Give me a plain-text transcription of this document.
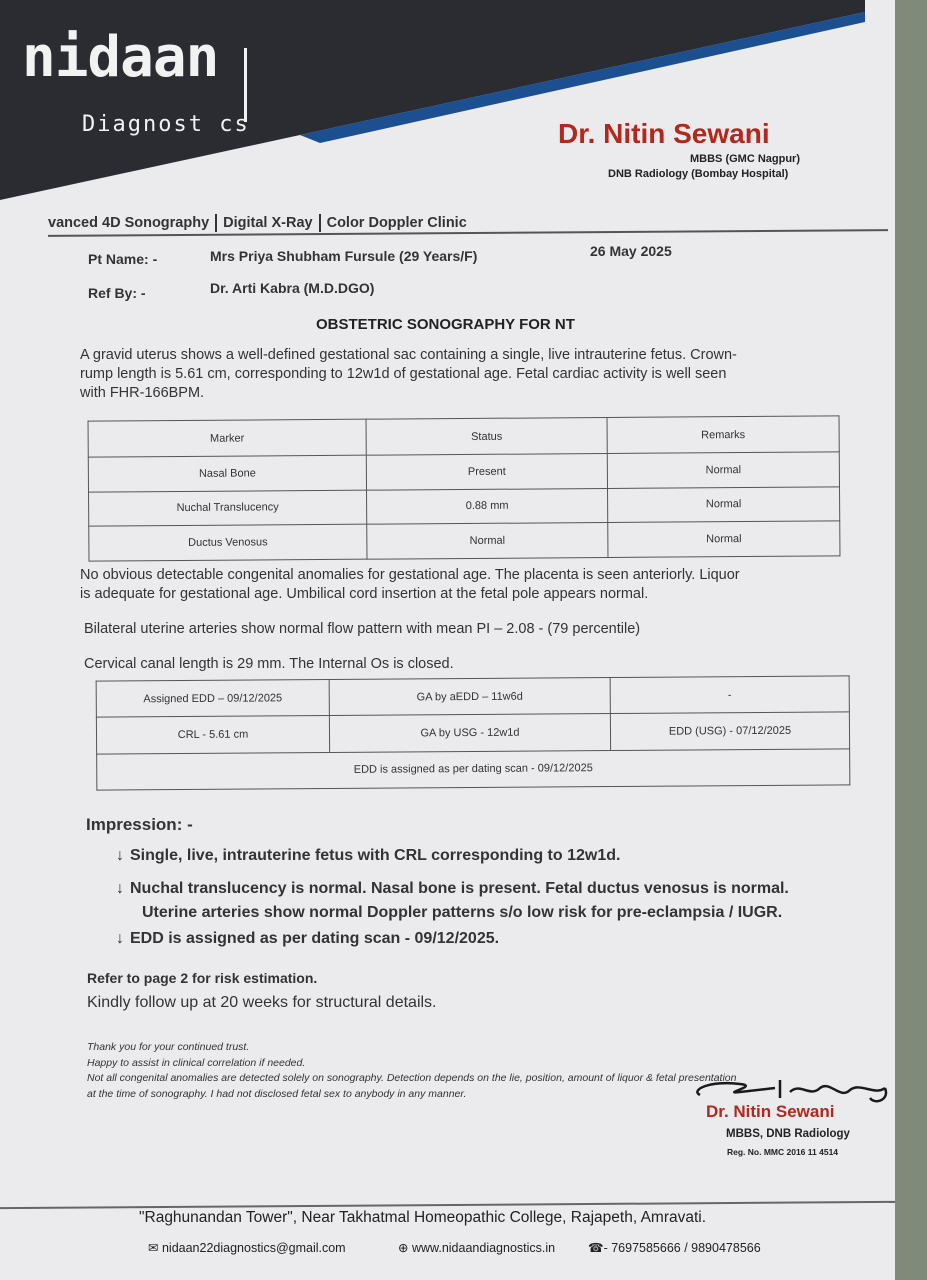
nidaan
Diagnost cs	Dr. Nitin Sewani
MBBS (GMC Nagpur)
DNB Radiology (Bombay Hospital)
vanced 4D Sonography Digital X-Ray Color Doppler Clinic
Pt Name: -	Mrs Priya Shubham Fursule (29 Years/F)	26 May 2025
Ref By: -	Dr. Arti Kabra (M.D.DGO)
OBSTETRIC SONOGRAPHY FOR NT
A gravid uterus shows a well-defined gestational sac containing a single, live intrauterine fetus. Crown-
rump length is 5.61 cm, corresponding to 12w1d of gestational age. Fetal cardiac activity is well seen
with FHR-166BPM.
Marker	Status	Remarks
Nasal Bone	Present	Normal
Nuchal Translucency	0.88 mm	Normal
Ductus Venosus	Normal	Normal
No obvious detectable congenital anomalies for gestational age. The placenta is seen anteriorly. Liquor
is adequate for gestational age. Umbilical cord insertion at the fetal pole appears normal.
Bilateral uterine arteries show normal flow pattern with mean PI – 2.08 - (79 percentile)
Cervical canal length is 29 mm. The Internal Os is closed.
Assigned EDD – 09/12/2025	GA by aEDD – 11w6d	-
CRL - 5.61 cm	GA by USG - 12w1d	EDD (USG) - 07/12/2025
EDD is assigned as per dating scan - 09/12/2025		
Impression: -
↓ Single, live, intrauterine fetus with CRL corresponding to 12w1d.
↓ Nuchal translucency is normal. Nasal bone is present. Fetal ductus venosus is normal.
Uterine arteries show normal Doppler patterns s/o low risk for pre-eclampsia / IUGR.
↓ EDD is assigned as per dating scan - 09/12/2025.
Refer to page 2 for risk estimation.
Kindly follow up at 20 weeks for structural details.
Thank you for your continued trust.
Happy to assist in clinical correlation if needed.
Not all congenital anomalies are detected solely on sonography. Detection depends on the lie, position, amount of liquor & fetal presentation
at the time of sonography. I had not disclosed fetal sex to anybody in any manner.
Dr. Nitin Sewani
MBBS, DNB Radiology
Reg. No. MMC 2016 11 4514
"Raghunandan Tower", Near Takhatmal Homeopathic College, Rajapeth, Amravati.
✉ nidaan22diagnostics@gmail.com	⊕ www.nidaandiagnostics.in	☎- 7697585666 / 9890478566
